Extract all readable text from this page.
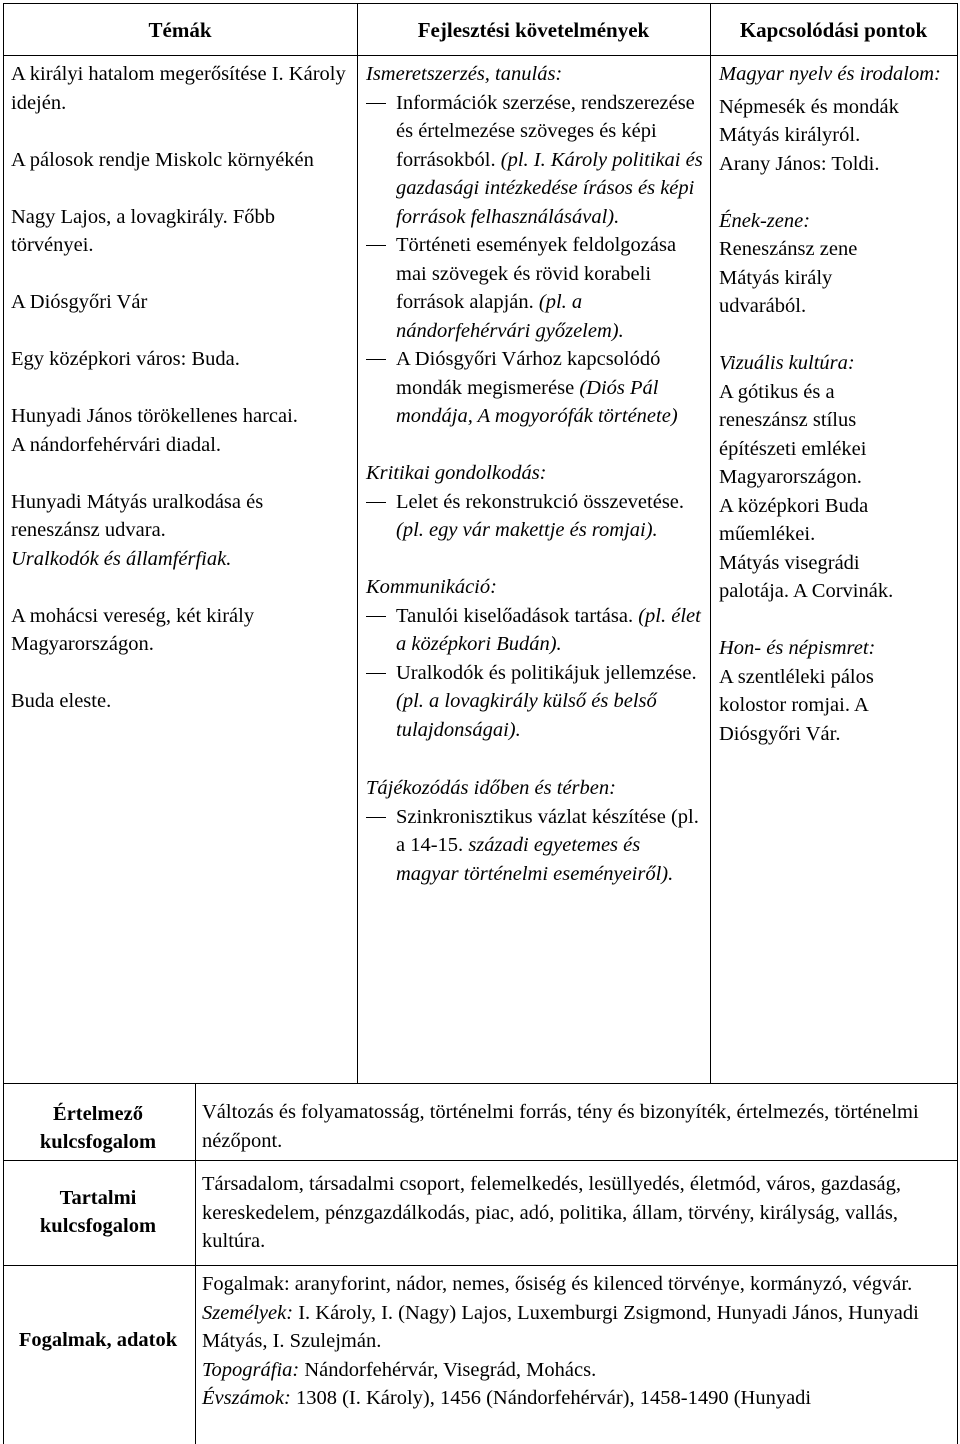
Témák	Fejlesztési követelmények	Kapcsolódási pontok

A királyi hatalom megerősítése I. Károly idején.

A pálosok rendje Miskolc környékén

Nagy Lajos, a lovagkirály. Főbb törvényei.

A Diósgyőri Vár

Egy középkori város: Buda.

Hunyadi János törökellenes harcai.

A nándorfehérvári diadal.

Hunyadi Mátyás uralkodása és reneszánsz udvara.

Uralkodók és államférfiak.

A mohácsi vereség, két király Magyarországon.

Buda eleste.

Ismeretszerzés, tanulás:

Információk szerzése, rendszerezése és értelmezése szöveges és képi forrásokból. (pl. I. Károly politikai és gazdasági intézkedése írásos és képi források felhasználásával).
Történeti események feldolgozása mai szövegek és rövid korabeli források alapján. (pl. a nándorfehérvári győzelem).
A Diósgyőri Várhoz kapcsolódó mondák megismerése (Diós Pál mondája, A mogyorófák története)

Kritikai gondolkodás:

Lelet és rekonstrukció összevetése. (pl. egy vár makettje és romjai).

Kommunikáció:

Tanulói kiselőadások tartása. (pl. élet a középkori Budán).
Uralkodók és politikájuk jellemzése. (pl. a lovagkirály külső és belső tulajdonságai).

Tájékozódás időben és térben:

Szinkronisztikus vázlat készítése (pl. a 14-15. századi egyetemes és magyar történelmi eseményeiről).

Magyar nyelv és irodalom:

Népmesék és mondák

Mátyás királyról.

Arany János: Toldi.

Ének-zene:

Reneszánsz zene

Mátyás király

udvarából.

Vizuális kultúra:

A gótikus és a

reneszánsz stílus

építészeti emlékei

Magyarországon.

A középkori Buda

műemlékei.

Mátyás visegrádi

palotája. A Corvinák.

Hon- és népismret:

A szentléleki pálos

kolostor romjai. A

Diósgyőri Vár.

Értelmező kulcsfogalom
Változás és folyamatosság, történelmi forrás, tény és bizonyíték, értelmezés, történelmi nézőpont.
Tartalmi kulcsfogalom
Társadalom, társadalmi csoport, felemelkedés, lesüllyedés, életmód, város, gazdaság, kereskedelem, pénzgazdálkodás, piac, adó, politika, állam, törvény, királyság, vallás, kultúra.
Fogalmak, adatok

Fogalmak: aranyforint, nádor, nemes, ősiség és kilenced törvénye, kormányzó, végvár.

Személyek: I. Károly, I. (Nagy) Lajos, Luxemburgi Zsigmond, Hunyadi János, Hunyadi Mátyás, I. Szulejmán.

Topográfia: Nándorfehérvár, Visegrád, Mohács.

Évszámok: 1308 (I. Károly), 1456 (Nándorfehérvár), 1458-1490 (Hunyadi
